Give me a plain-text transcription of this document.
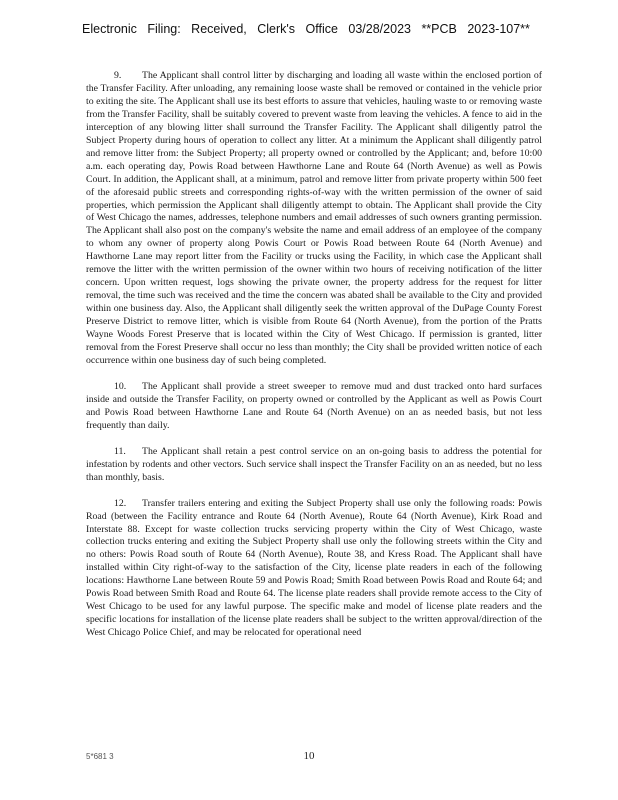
Electronic Filing: Received, Clerk's Office 03/28/2023 **PCB 2023-107**

9. The Applicant shall control litter by discharging and loading all waste within the enclosed portion of the Transfer Facility. After unloading, any remaining loose waste shall be removed or contained in the vehicle prior to exiting the site. The Applicant shall use its best efforts to assure that vehicles, hauling waste to or removing waste from the Transfer Facility, shall be suitably covered to prevent waste from leaving the vehicles. A fence to aid in the interception of any blowing litter shall surround the Transfer Facility. The Applicant shall diligently patrol the Subject Property during hours of operation to collect any litter. At a minimum the Applicant shall diligently patrol and remove litter from: the Subject Property; all property owned or controlled by the Applicant; and, before 10:00 a.m. each operating day, Powis Road between Hawthorne Lane and Route 64 (North Avenue) as well as Powis Court. In addition, the Applicant shall, at a minimum, patrol and remove litter from private property within 500 feet of the aforesaid public streets and corresponding rights-of-way with the written permission of the owner of said properties, which permission the Applicant shall diligently attempt to obtain. The Applicant shall provide the City of West Chicago the names, addresses, telephone numbers and email addresses of such owners granting permission. The Applicant shall also post on the company's website the name and email address of an employee of the company to whom any owner of property along Powis Court or Powis Road between Route 64 (North Avenue) and Hawthorne Lane may report litter from the Facility or trucks using the Facility, in which case the Applicant shall remove the litter with the written permission of the owner within two hours of receiving notification of the litter concern. Upon written request, logs showing the private owner, the property address for the request for litter removal, the time such was received and the time the concern was abated shall be available to the City and provided within one business day. Also, the Applicant shall diligently seek the written approval of the DuPage County Forest Preserve District to remove litter, which is visible from Route 64 (North Avenue), from the portion of the Pratts Wayne Woods Forest Preserve that is located within the City of West Chicago. If permission is granted, litter removal from the Forest Preserve shall occur no less than monthly; the City shall be provided written notice of each occurrence within one business day of such being completed.

10. The Applicant shall provide a street sweeper to remove mud and dust tracked onto hard surfaces inside and outside the Transfer Facility, on property owned or controlled by the Applicant as well as Powis Court and Powis Road between Hawthorne Lane and Route 64 (North Avenue) on an as needed basis, but not less frequently than daily.

11. The Applicant shall retain a pest control service on an on-going basis to address the potential for infestation by rodents and other vectors. Such service shall inspect the Transfer Facility on an as needed, but no less than monthly, basis.

12. Transfer trailers entering and exiting the Subject Property shall use only the following roads: Powis Road (between the Facility entrance and Route 64 (North Avenue), Route 64 (North Avenue), Kirk Road and Interstate 88. Except for waste collection trucks servicing property within the City of West Chicago, waste collection trucks entering and exiting the Subject Property shall use only the following streets within the City and no others: Powis Road south of Route 64 (North Avenue), Route 38, and Kress Road. The Applicant shall have installed within City right-of-way to the satisfaction of the City, license plate readers in each of the following locations: Hawthorne Lane between Route 59 and Powis Road; Smith Road between Powis Road and Route 64; and Powis Road between Smith Road and Route 64. The license plate readers shall provide remote access to the City of West Chicago to be used for any lawful purpose. The specific make and model of license plate readers and the specific locations for installation of the license plate readers shall be subject to the written approval/direction of the West Chicago Police Chief, and may be relocated for operational need

5*681 3	10
